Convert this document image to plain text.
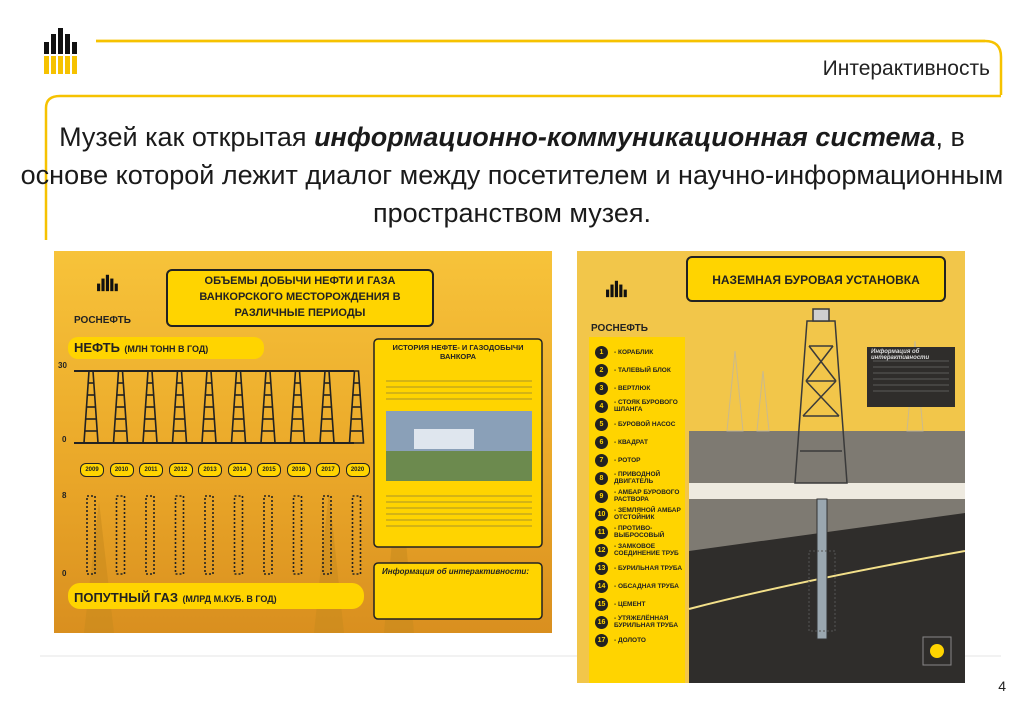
Интерактивность
Музей как открытая информационно-коммуникационная система, в основе которой лежит диалог между посетителем и научно-информационным пространством музея.
РОСНЕФТЬ
ОБЪЕМЫ ДОБЫЧИ НЕФТИ И ГАЗА ВАНКОРСКОГО МЕСТОРОЖДЕНИЯ В РАЗЛИЧНЫЕ ПЕРИОДЫ
НЕФТЬ (МЛН ТОНН В ГОД)	ИСТОРИЯ НЕФТЕ- И ГАЗОДОБЫЧИ ВАНКОРА
30
0
8
0
2009	2010	2011	2012	2013	2014	2015	2016	2017	2020
ПОПУТНЫЙ ГАЗ (МЛРД М.КУБ. В ГОД)
Информация об интерактивности:
РОСНЕФТЬ
НАЗЕМНАЯ БУРОВАЯ УСТАНОВКА
Информация об интерактивности
1	- КОРАБЛИК
2	- ТАЛЕВЫЙ БЛОК
3	- ВЕРТЛЮК
4	- СТОЯК БУРОВОГО ШЛАНГА
5	- БУРОВОЙ НАСОС
6	- КВАДРАТ
7	- РОТОР
8	- ПРИВОДНОЙ ДВИГАТЕЛЬ
9	- АМБАР БУРОВОГО РАСТВОРА
10	- ЗЕМЛЯНОЙ АМБАР ОТСТОЙНИК
11	- ПРОТИВО- ВЫБРОСОВЫЙ
12	- ЗАМКОВОЕ СОЕДИНЕНИЕ ТРУБ
13	- БУРИЛЬНАЯ ТРУБА
14	- ОБСАДНАЯ ТРУБА
15	- ЦЕМЕНТ
16	- УТЯЖЕЛЁННАЯ БУРИЛЬНАЯ ТРУБА
17	- ДОЛОТО
4
